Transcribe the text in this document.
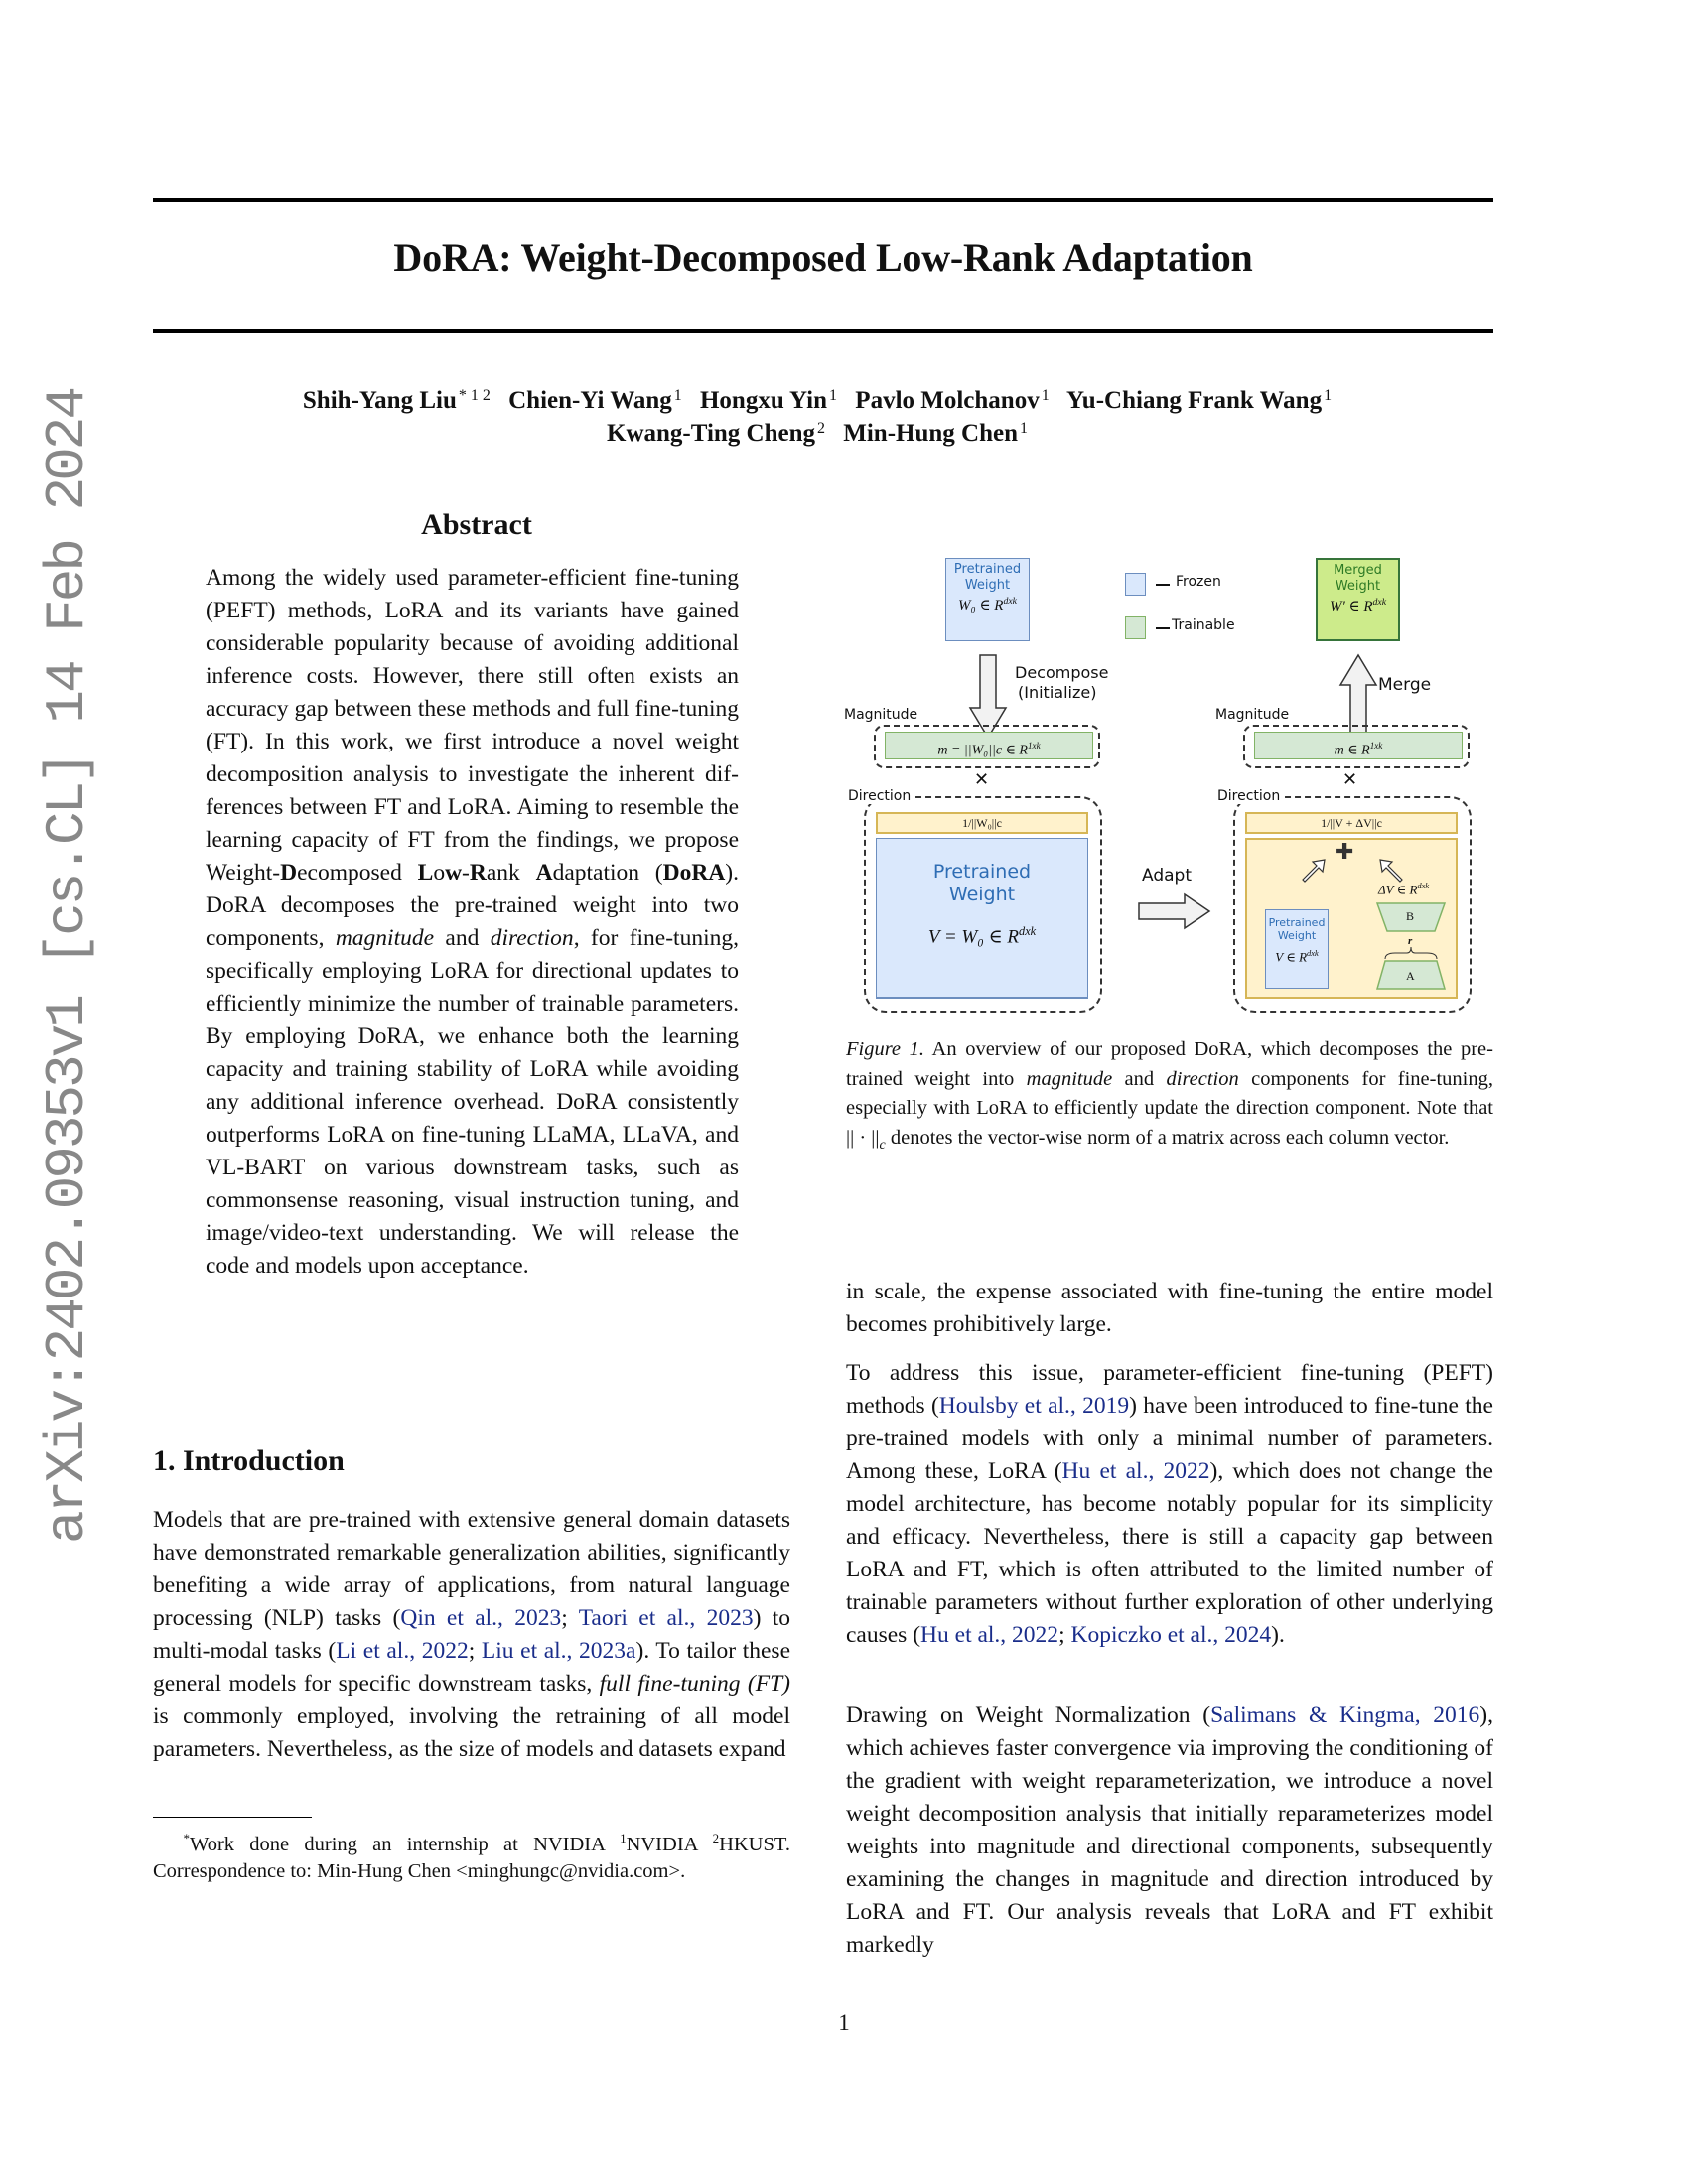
arXiv:2402.09353v1 [cs.CL] 14 Feb 2024
DoRA: Weight-Decomposed Low-Rank Adaptation
Shih-Yang Liu $^{* 1 2}$ Chien-Yi Wang $^1$ Hongxu Yin $^1$ Pavlo Molchanov $^1$ Yu-Chiang Frank Wang $^1$
Kwang-Ting Cheng $^2$ Min-Hung Chen $^1$
Abstract
Among the widely used parameter-efficient fine-tuning (PEFT) methods, LoRA and its variants have gained considerable popularity because of avoiding additional inference costs. However, there still often exists an accuracy gap between these methods and full fine-tuning (FT). In this work, we first introduce a novel weight decomposition analysis to investigate the inherent differences between FT and LoRA. Aiming to resemble the learning capacity of FT from the findings, we propose Weight-Decomposed Low-Rank Adaptation (DoRA). DoRA decomposes the pre-trained weight into two components, magnitude and direction, for fine-tuning, specifically employing LoRA for directional updates to efficiently minimize the number of trainable parameters. By employing DoRA, we enhance both the learning capacity and training stability of LoRA while avoiding any additional inference overhead. DoRA consistently outperforms LoRA on fine-tuning LLaMA, LLaVA, and VL-BART on various downstream tasks, such as commonsense reasoning, visual instruction tuning, and image/video-text understanding. We will release the code and models upon acceptance.
1. Introduction
Models that are pre-trained with extensive general domain datasets have demonstrated remarkable generalization abilities, significantly benefiting a wide array of applications, from natural language processing (NLP) tasks (Qin et al., 2023; Taori et al., 2023) to multi-modal tasks (Li et al., 2022; Liu et al., 2023a). To tailor these general models for specific downstream tasks, full fine-tuning (FT) is commonly employed, involving the retraining of all model parameters. Nevertheless, as the size of models and datasets expand
*Work done during an internship at NVIDIA $^1$NVIDIA $^2$HKUST. Correspondence to: Min-Hung Chen <minghungc@nvidia.com>.
Pretrained
Weight
W₀ ∈ $R^{dxk}$
Frozen
Trainable
Merged
Weight
W′ ∈ $R^{dxk}$
Decompose
(Initialize)	Merge
Magnitude
m = ||W₀||c ∈ $R^{1xk}$
✕
Magnitude
m ∈ $R^{1xk}$
✕
Direction
1/||W₀||c
Pretrained
Weight
V = W₀ ∈ $R^{dxk}$
Adapt
Direction
1/||V + ΔV||c
✚
ΔV ∈ $R^{dxk}$
Pretrained
Weight
V ∈ $R^{dxk}$
B
r
A
Figure 1. An overview of our proposed DoRA, which decomposes the pre-trained weight into magnitude and direction components for fine-tuning, especially with LoRA to efficiently update the direction component. Note that || · $||_c$ denotes the vector-wise norm of a matrix across each column vector.
in scale, the expense associated with fine-tuning the entire model becomes prohibitively large.
To address this issue, parameter-efficient fine-tuning (PEFT) methods (Houlsby et al., 2019) have been introduced to fine-tune the pre-trained models with only a minimal number of parameters. Among these, LoRA (Hu et al., 2022), which does not change the model architecture, has become notably popular for its simplicity and efficacy. Nevertheless, there is still a capacity gap between LoRA and FT, which is often attributed to the limited number of trainable parameters without further exploration of other underlying causes (Hu et al., 2022; Kopiczko et al., 2024).
Drawing on Weight Normalization (Salimans & Kingma, 2016), which achieves faster convergence via improving the conditioning of the gradient with weight reparameterization, we introduce a novel weight decomposition analysis that initially reparameterizes model weights into magnitude and directional components, subsequently examining the changes in magnitude and direction introduced by LoRA and FT. Our analysis reveals that LoRA and FT exhibit markedly
1
